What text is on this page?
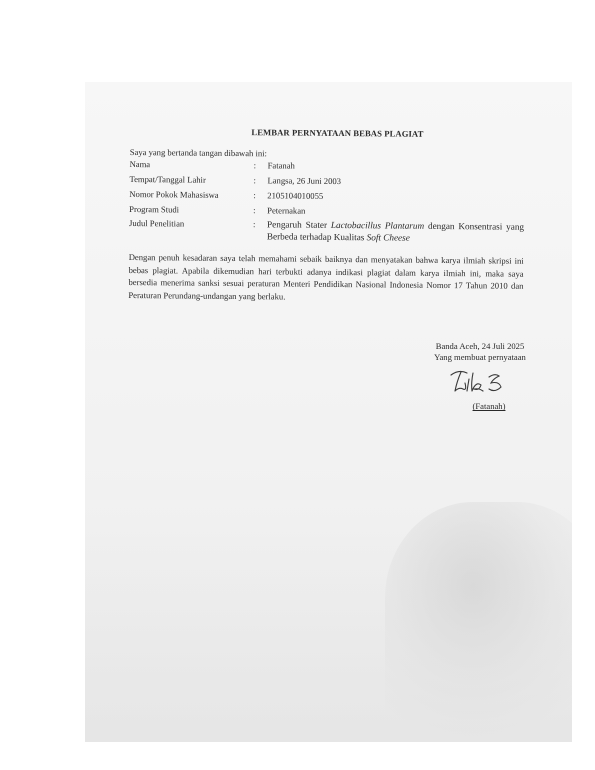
LEMBAR PERNYATAAN BEBAS PLAGIAT
Saya yang bertanda tangan dibawah ini:
Nama	:	Fatanah
Tempat/Tanggal Lahir	:	Langsa, 26 Juni 2003
Nomor Pokok Mahasiswa	:	2105104010055
Program Studi	:	Peternakan
Judul Penelitian	:	Pengaruh Stater Lactobacillus Plantarum dengan Konsentrasi yang Berbeda terhadap Kualitas Soft Cheese
Dengan penuh kesadaran saya telah memahami sebaik baiknya dan menyatakan bahwa karya ilmiah skripsi ini bebas plagiat. Apabila dikemudian hari terbukti adanya indikasi plagiat dalam karya ilmiah ini, maka saya bersedia menerima sanksi sesuai peraturan Menteri Pendidikan Nasional Indonesia Nomor 17 Tahun 2010 dan Peraturan Perundang-undangan yang berlaku.
Banda Aceh, 24 Juli 2025
Yang membuat pernyataan
(Fatanah)
